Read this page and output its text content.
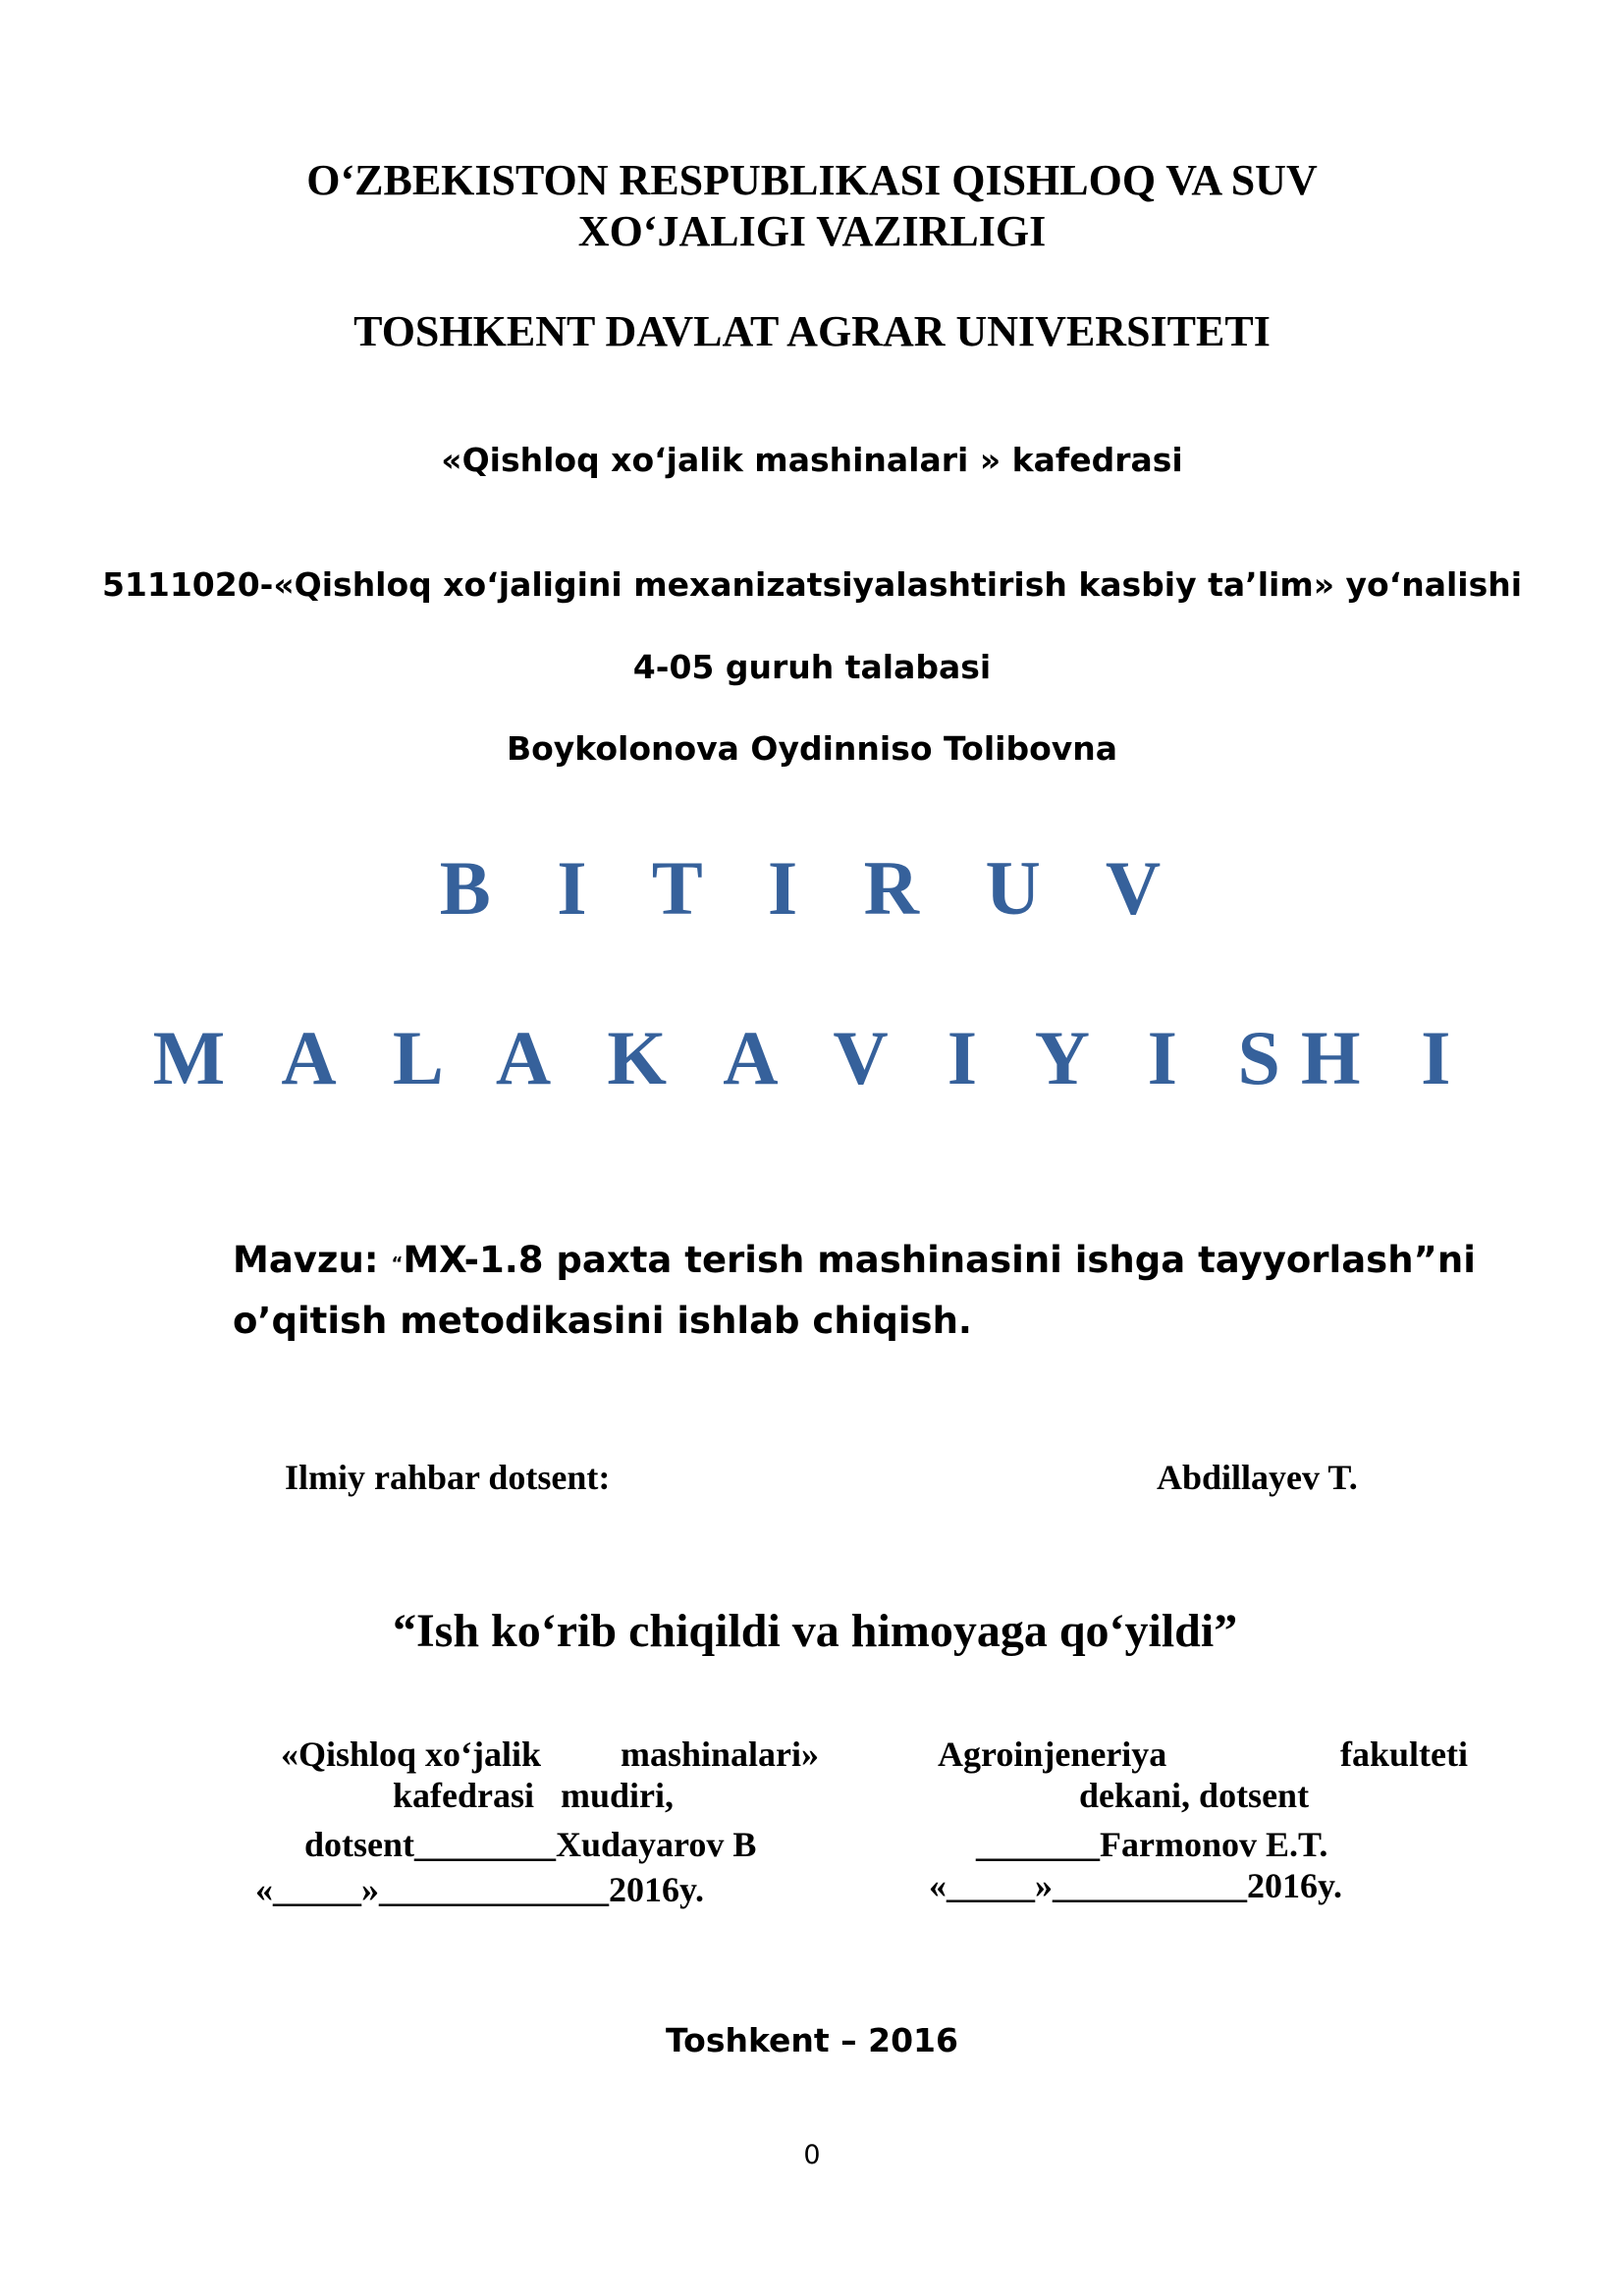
O‘ZBEKISTON RESPUBLIKASI QISHLOQ VA SUV
XO‘JALIGI VAZIRLIGI
TOSHKENT DAVLAT AGRAR UNIVERSITETI
«Qishloq xo‘jalik mashinalari » kafedrasi
5111020-«Qishloq xo‘jaligini mexanizatsiyalashtirish kasbiy ta’lim» yo‘nalishi
4-05 guruh talabasi
Boykolonova Oydinniso Tolibovna
B I T I R U V
M A L A K A V I Y I SH I
Mavzu: “MX-1.8 paxta terish mashinasini ishga tayyorlash”ni o’qitish metodikasini ishlab chiqish.
Ilmiy rahbar dotsent:	Abdillayev T.
“Ish ko‘rib chiqildi va himoyaga qo‘yildi”
«Qishloq xo‘jalik mashinalari»
kafedrasi   mudiri,
dotsent________Xudayarov B
«_____»_____________2016y.
Agroinjeneriya	fakulteti
dekani, dotsent
_______Farmonov E.T.
«_____»___________2016y.
Toshkent – 2016
0
